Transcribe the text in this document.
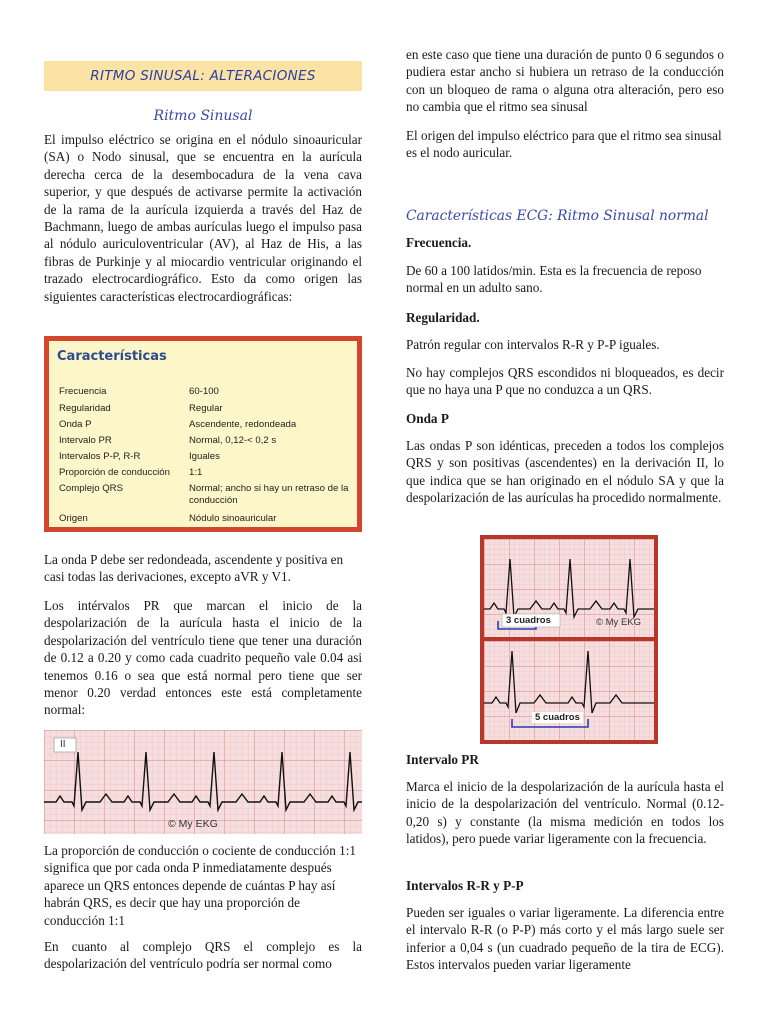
RITMO SINUSAL: ALTERACIONES
Ritmo Sinusal

El impulso eléctrico se origina en el nódulo sinoauricular (SA) o Nodo sinusal, que se encuentra en la aurícula derecha cerca de la desembocadura de la vena cava superior, y que después de activarse permite la activación de la rama de la aurícula izquierda a través del Haz de Bachmann, luego de ambas aurículas luego el impulso pasa al nódulo auriculoventricular (AV), al Haz de His, a las fibras de Purkinje y al miocardio ventricular originando el trazado electrocardiográfico. Esto da como origen las siguientes características electrocardiográficas:

Características
Frecuencia	60-100
Regularidad	Regular
Onda P	Ascendente, redondeada
Intervalo PR	Normal, 0,12-< 0,2 s
Intervalos P-P, R-R	Iguales
Proporción de conducción 1:1
Complejo QRS	Normal; ancho si hay un retraso de la conducción
Origen	Nódulo sinoauricular

La onda P debe ser redondeada, ascendente y positiva en casi todas las derivaciones, excepto aVR y V1.

Los intérvalos PR que marcan el inicio de la despolarización de la aurícula hasta el inicio de la despolarización del ventrículo tiene que tener una duración de 0.12 a 0.20 y como cada cuadrito pequeño vale 0.04 asi tenemos 0.16 o sea que está normal pero tiene que ser menor 0.20 verdad entonces este está completamente normal:

II
© My EKG

La proporción de conducción o cociente de conducción 1:1 significa que por cada onda P inmediatamente después aparece un QRS entonces depende de cuántas P hay así habrán QRS, es decir que hay una proporción de conducción 1:1

En cuanto al complejo QRS el complejo es la despolarización del ventrículo podría ser normal como

en este caso que tiene una duración de punto 0 6 segundos o pudiera estar ancho si hubiera un retraso de la conducción con un bloqueo de rama o alguna otra alteración, pero eso no cambia que el ritmo sea sinusal

El origen del impulso eléctrico para que el ritmo sea sinusal es el nodo auricular.

Características ECG: Ritmo Sinusal normal

Frecuencia.

De 60 a 100 latidos/min. Esta es la frecuencia de reposo normal en un adulto sano.

Regularidad.

Patrón regular con intervalos R-R y P-P iguales.

No hay complejos QRS escondidos ni bloqueados, es decir que no haya una P que no conduzca a un QRS.

Onda P

Las ondas P son idénticas, preceden a todos los complejos QRS y son positivas (ascendentes) en la derivación II, lo que indica que se han originado en el nódulo SA y que la despolarización de las aurículas ha procedido normalmente.

3 cuadros	© My EKG
5 cuadros

Intervalo PR

Marca el inicio de la despolarización de la aurícula hasta el inicio de la despolarización del ventrículo. Normal (0.12- 0,20 s) y constante (la misma medición en todos los latidos), pero puede variar ligeramente con la frecuencia.

Intervalos R-R y P-P

Pueden ser iguales o variar ligeramente. La diferencia entre el intervalo R-R (o P-P) más corto y el más largo suele ser inferior a 0,04 s (un cuadrado pequeño de la tira de ECG). Estos intervalos pueden variar ligeramente
